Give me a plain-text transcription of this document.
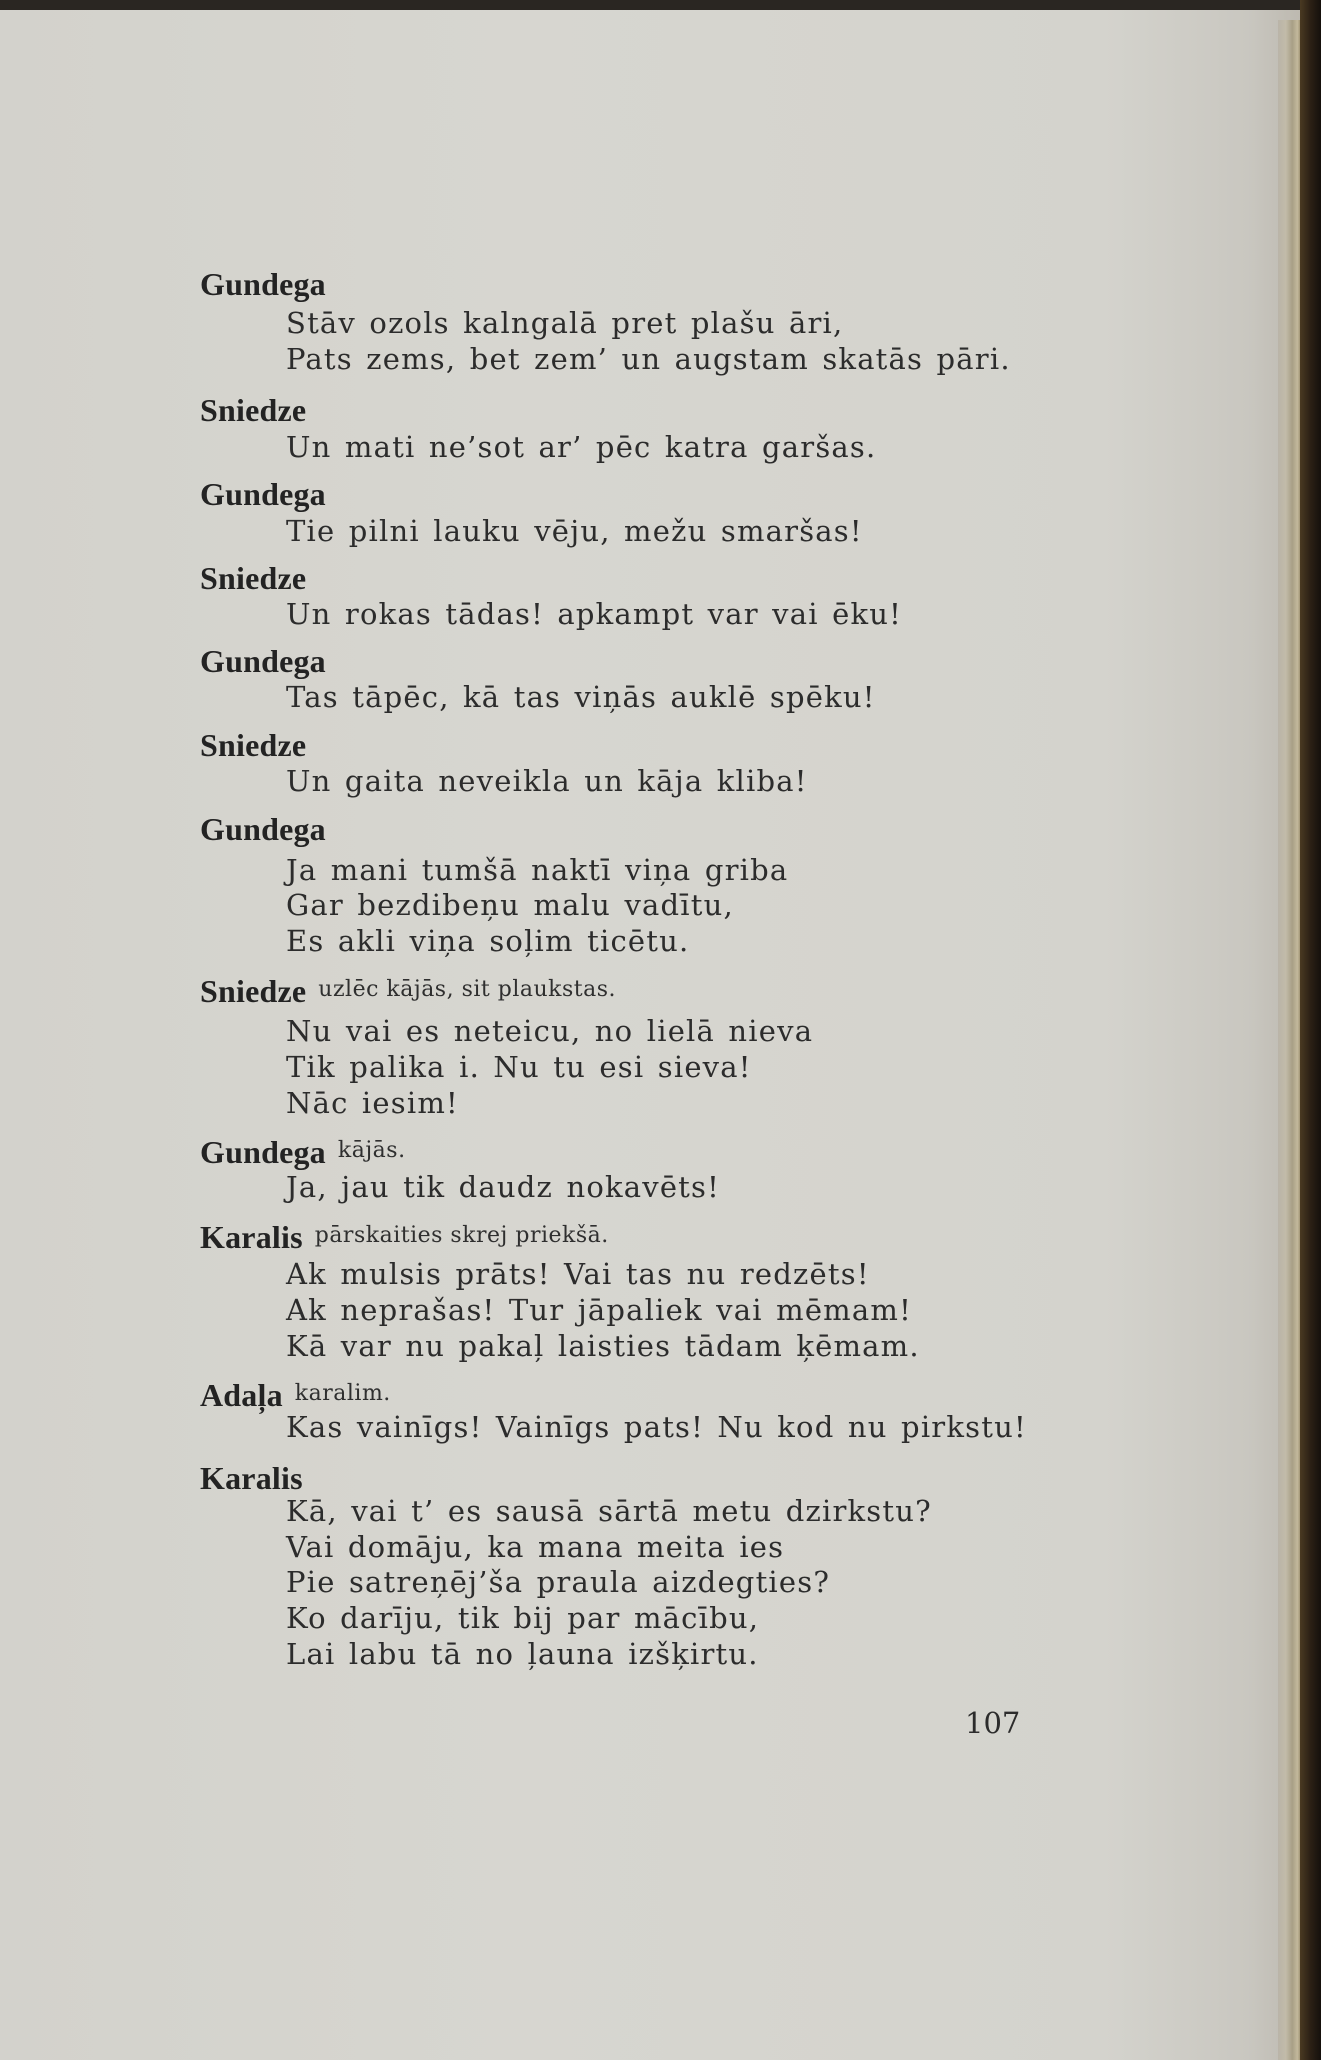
Gundega
Stāv ozols kalngalā pret plašu āri,
Pats zems, bet zem’ un augstam skatās pāri.
Sniedze
Un mati ne’sot ar’ pēc katra garšas.
Gundega
Tie pilni lauku vēju, mežu smaršas!
Sniedze
Un rokas tādas! apkampt var vai ēku!
Gundega
Tas tāpēc, kā tas viņās auklē spēku!
Sniedze
Un gaita neveikla un kāja kliba!
Gundega
Ja mani tumšā naktī viņa griba
Gar bezdibeņu malu vadītu,
Es akli viņa soļim ticētu.
Sniedze uzlēc kājās, sit plaukstas.
Nu vai es neteicu, no lielā nieva
Tik palika i. Nu tu esi sieva!
Nāc iesim!
Gundega kājās.
Ja, jau tik daudz nokavēts!
Karalis pārskaities skrej priekšā.
Ak mulsis prāts! Vai tas nu redzēts!
Ak neprašas! Tur jāpaliek vai mēmam!
Kā var nu pakaļ laisties tādam ķēmam.
Adaļa karalim.
Kas vainīgs! Vainīgs pats! Nu kod nu pirkstu!
Karalis
Kā, vai t’ es sausā sārtā metu dzirkstu?
Vai domāju, ka mana meita ies
Pie satreņēj’ša praula aizdegties?
Ko darīju, tik bij par mācību,
Lai labu tā no ļauna izšķirtu.
107
